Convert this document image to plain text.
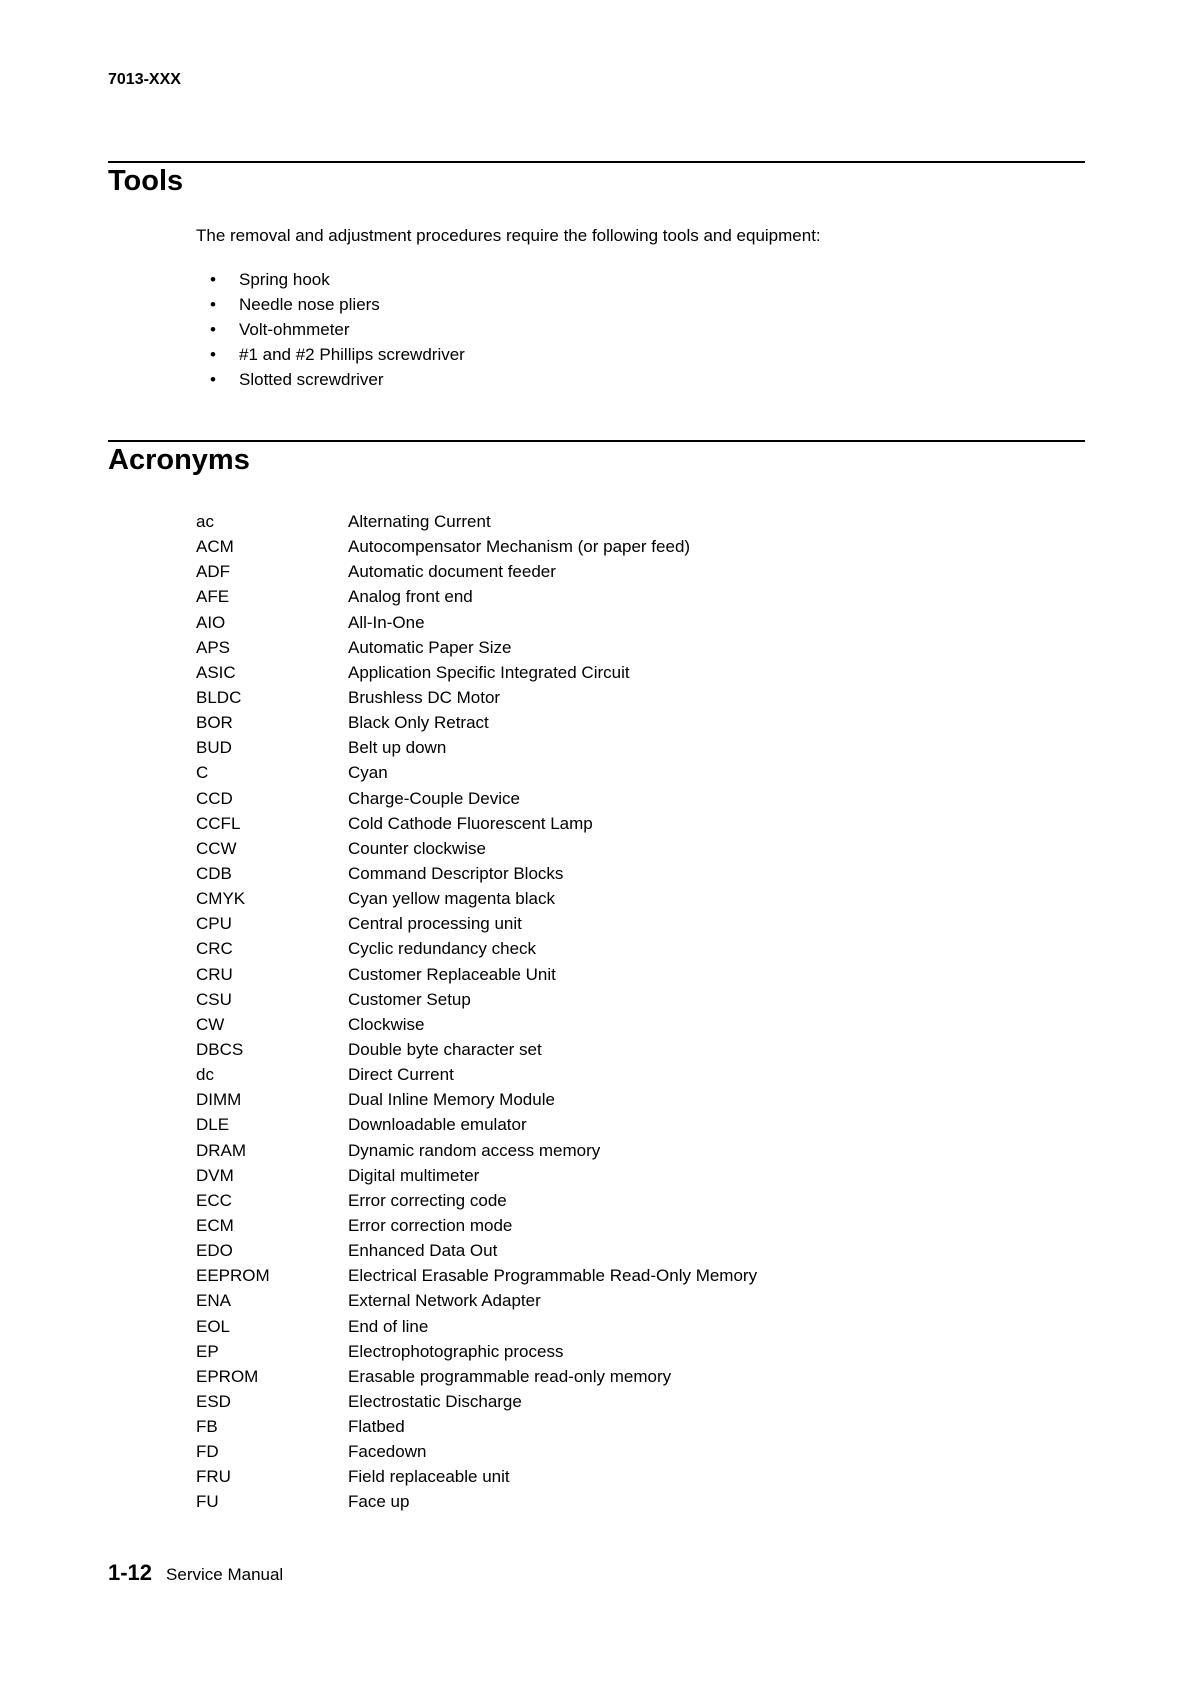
7013-XXX
Tools
The removal and adjustment procedures require the following tools and equipment:
• Spring hook
• Needle nose pliers
• Volt-ohmmeter
• #1 and #2 Phillips screwdriver
• Slotted screwdriver
Acronyms
ac	Alternating Current
ACM	Autocompensator Mechanism (or paper feed)
ADF	Automatic document feeder
AFE	Analog front end
AIO	All-In-One
APS	Automatic Paper Size
ASIC	Application Specific Integrated Circuit
BLDC	Brushless DC Motor
BOR	Black Only Retract
BUD	Belt up down
C	Cyan
CCD	Charge-Couple Device
CCFL	Cold Cathode Fluorescent Lamp
CCW	Counter clockwise
CDB	Command Descriptor Blocks
CMYK	Cyan yellow magenta black
CPU	Central processing unit
CRC	Cyclic redundancy check
CRU	Customer Replaceable Unit
CSU	Customer Setup
CW	Clockwise
DBCS	Double byte character set
dc	Direct Current
DIMM	Dual Inline Memory Module
DLE	Downloadable emulator
DRAM	Dynamic random access memory
DVM	Digital multimeter
ECC	Error correcting code
ECM	Error correction mode
EDO	Enhanced Data Out
EEPROM	Electrical Erasable Programmable Read-Only Memory
ENA	External Network Adapter
EOL	End of line
EP	Electrophotographic process
EPROM	Erasable programmable read-only memory
ESD	Electrostatic Discharge
FB	Flatbed
FD	Facedown
FRU	Field replaceable unit
FU	Face up
1-12 Service Manual
